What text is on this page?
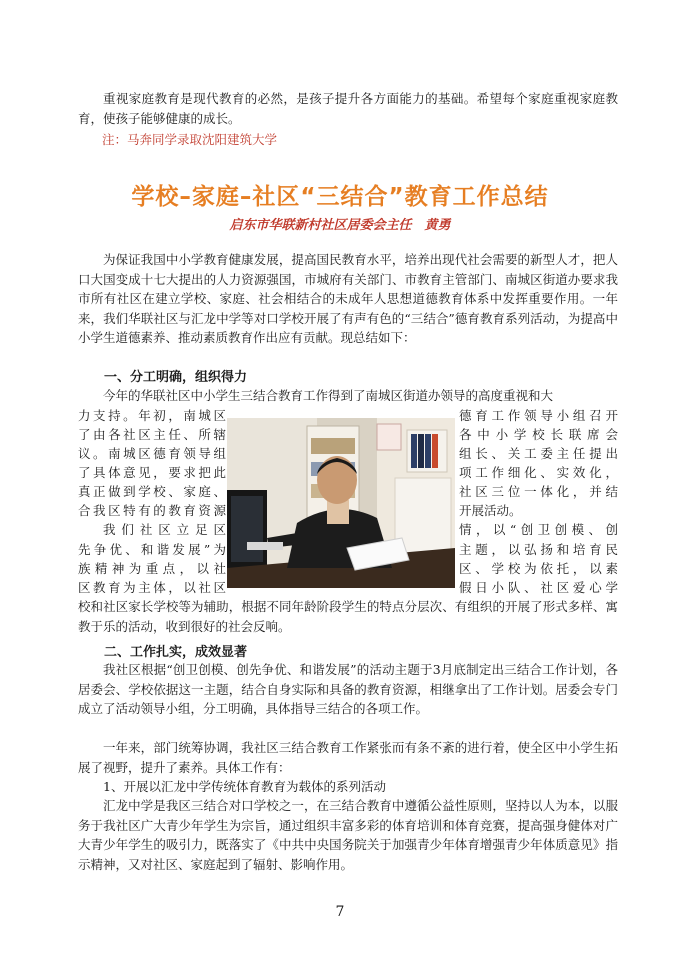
重视家庭教育是现代教育的必然，是孩子提升各方面能力的基础。希望每个家庭重视家庭教育，使孩子能够健康的成长。

注：马奔同学录取沈阳建筑大学
学校–家庭–社区“三结合”教育工作总结
启东市华联新村社区居委会主任　黄勇

为保证我国中小学教育健康发展，提高国民教育水平，培养出现代社会需要的新型人才，把人口大国变成十七大提出的人力资源强国，市城府有关部门、市教育主管部门、南城区街道办要求我市所有社区在建立学校、家庭、社会相结合的未成年人思想道德教育体系中发挥重要作用。一年来，我们华联社区与汇龙中学等对口学校开展了有声有色的“三结合”德育教育系列活动，为提高中小学生道德素养、推动素质教育作出应有贡献。现总结如下：

一、分工明确，组织得力

今年的华联社区中小学生三结合教育工作得到了南城区街道办领导的高度重视和大
力支持。年初，南城区
了由各社区主任、所辖
议。南城区德育领导组
了具体意见，要求把此
真正做到学校、家庭、
合我区特有的教育资源
我们社区立足区
先争优、和谐发展”为
族精神为重点，以社
区教育为主体，以社区
德育工作领导小组召开
各中小学校长联席会
组长、关工委主任提出
项工作细化、实效化，
社区三位一体化，并结
开展活动。
情，以“创卫创模、创
主题，以弘扬和培育民
区、学校为依托，以素
假日小队、社区爱心学

校和社区家长学校等为辅助，根据不同年龄阶段学生的特点分层次、有组织的开展了形式多样、寓教于乐的活动，收到很好的社会反响。

二、工作扎实，成效显著

我社区根据“创卫创模、创先争优、和谐发展”的活动主题于3月底制定出三结合工作计划，各居委会、学校依据这一主题，结合自身实际和具备的教育资源，相继拿出了工作计划。居委会专门成立了活动领导小组，分工明确，具体指导三结合的各项工作。

一年来，部门统筹协调，我社区三结合教育工作紧张而有条不紊的进行着，使全区中小学生拓展了视野，提升了素养。具体工作有：

1、开展以汇龙中学传统体育教育为载体的系列活动

汇龙中学是我区三结合对口学校之一，在三结合教育中遵循公益性原则，坚持以人为本，以服务于我社区广大青少年学生为宗旨，通过组织丰富多彩的体育培训和体育竞赛，提高强身健体对广大青少年学生的吸引力，既落实了《中共中央国务院关于加强青少年体育增强青少年体质意见》指示精神，又对社区、家庭起到了辐射、影响作用。

7
